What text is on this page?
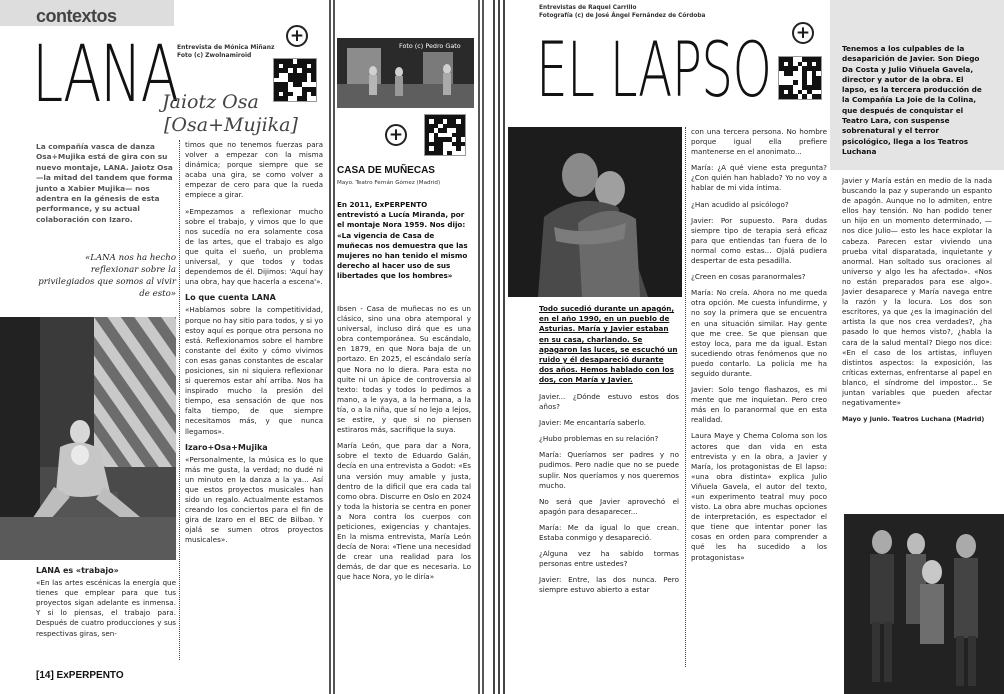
contextos
LANA Entrevista de Mónica Miñanz
Foto (c) Zwolnamiroid
+
Jaiotz Osa
[Osa+Mujika]
La compañía vasca de danza Osa+Mujika está de gira con su nuevo montaje, LANA. Jaiotz Osa —la mitad del tandem que forma junto a Xabier Mujika— nos adentra en la génesis de esta performance, y su actual colaboración con Izaro.
«LANA nos ha hecho reflexionar sobre la privilegiados que somos al vivir de esto»

LANA es «trabajo»

«En las artes escénicas la energía que tienes que emplear para que tus proyectos sigan adelante es inmensa. Y si lo piensas, el trabajo para. Después de cuatro producciones y sus respectivas giras, sen-

timos que no tenemos fuerzas para volver a empezar con la misma dinámica; porque siempre que se acaba una gira, se como volver a empezar de cero para que la rueda empiece a girar.

»Empezamos a reflexionar mucho sobre el trabajo, y vimos que lo que nos sucedía no era solamente cosa de las artes, que el trabajo es algo que quita el sueño, un problema universal, y que todos y todas dependemos de él. Dijimos: 'Aquí hay una obra, hay que hacerla a escena'».

Lo que cuenta LANA

«Hablamos sobre la competitividad, porque no hay sitio para todos, y si yo estoy aquí es porque otra persona no está. Reflexionamos sobre el hambre constante del éxito y cómo vivimos con esas ganas constantes de escalar posiciones, sin ni siquiera reflexionar si queremos estar ahí arriba. Nos ha inspirado mucho la presión del tiempo, esa sensación de que nos falta tiempo, de que siempre necesitamos más, y que nunca llegamos».

Izaro+Osa+Mujika

«Personalmente, la música es lo que más me gusta, la verdad; no dudé ni un minuto en la danza a la ya... Así que estos proyectos musicales han sido un regalo. Actualmente estamos creando los conciertos para el fin de gira de Izaro en el BEC de Bilbao. Y ojalá se sumen otros proyectos musicales».

[14] ExPERPENTO
Foto (c) Pedro Gato
+
CASA DE MUÑECAS
Mayo. Teatro Fernán Gómez (Madrid)
En 2011, ExPERPENTO entrevistó a Lucía Miranda, por el montaje Nora 1959. Nos dijo: «La vigencia de Casa de muñecas nos demuestra que las mujeres no han tenido el mismo derecho al hacer uso de sus libertades que los hombres»

Ibsen - Casa de muñecas no es un clásico, sino una obra atemporal y universal, incluso dirá que es una obra contemporánea. Su escándalo, en 1879, en que Nora baja de un portazo. En 2025, el escándalo sería que Nora no lo diera. Para esta no quite ni un ápice de controversia al texto: todas y todos lo pedimos a mano, a le yaya, a la hermana, a la tía, o a la niña, que sí no lejo a lejos, se estire, y que si no piensen estiraros más, sacrifique la suya.

María León, que para dar a Nora, sobre el texto de Eduardo Galán, decía en una entrevista a Godot: «Es una versión muy amable y justa, dentro de la dificil que era cada tal como obra. Discurre en Oslo en 2024 y toda la historia se centra en poner a Nora contra los cuerpos con peticiones, exigencias y chantajes. En la misma entrevista, María León decía de Nora: «Tiene una necesidad de crear una realidad para los demás, de dar que es necesaria. Lo que hace Nora, yo le diría»

Entrevistas de Raquel Carrillo
Fotografía (c) de José Ángel Fernández de Córdoba
EL LAPSO +
Tenemos a los culpables de la desaparición de Javier. Son Diego Da Costa y Julio Viñuela Gavela, director y autor de la obra. El lapso, es la tercera producción de la Compañía La Joie de la Colina, que después de conquistar el Teatro Lara, con suspense sobrenatural y el terror psicológico, llega a los Teatros Luchana
Todo sucedió durante un apagón, en el año 1990, en un pueblo de Asturias. María y Javier estaban en su casa, charlando. Se apagaron las luces, se escuchó un ruido y él desapareció durante dos años. Hemos hablado con los dos, con María y Javier.

Javier... ¿Dónde estuvo estos dos años?

Javier: Me encantaría saberlo.

¿Hubo problemas en su relación?

María: Queríamos ser padres y no pudimos. Pero nadie que no se puede suplir. Nos queríamos y nos queremos mucho.

No será que Javier aprovechó el apagón para desaparecer...

María: Me da igual lo que crean. Estaba conmigo y desapareció.

¿Alguna vez ha sabido tormas personas entre ustedes?

Javier: Entre, las dos nunca. Pero siempre estuvo abierto a estar

con una tercera persona. No hombre porque igual ella prefiere mantenerse en el anonimato...

María: ¿A qué viene esta pregunta? ¿Con quién han hablado? Yo no voy a hablar de mi vida íntima.

¿Han acudido al psicólogo?

Javier: Por supuesto. Para dudas siempre tipo de terapia será eficaz para que entiendas tan fuera de lo normal como estas... Ojalá pudiera despertar de esta pesadilla.

¿Creen en cosas paranormales?

María: No creía. Ahora no me queda otra opción. Me cuesta infundirme, y no soy la primera que se encuentra en una situación similar. Hay gente que me cree. Se que piensan que estoy loca, para me da igual. Estan sucediendo otras fenómenos que no puedo contarlo. La policía me ha seguido durante.

Javier: Solo tengo flashazos, es mi mente que me inquietan. Pero creo más en lo paranormal que en esta realidad.

Laura Maye y Chema Coloma son los actores que dan vida en esta entrevista y en la obra, a Javier y María, los protagonistas de El lapso: «una obra distinta» explica Julio Viñuela Gavela, el autor del texto, «un experimento teatral muy poco visto. La obra abre muchas opciones de interpretación, es espectador el que tiene que intentar poner las cosas en orden para comprender a qué les ha sucedido a los protagonistas»

Javier y María están en medio de la nada buscando la paz y superando un espanto de apagón. Aunque no lo admiten, entre ellos hay tensión. No han podido tener un hijo en un momento determinado, —nos dice Julio— esto les hace explotar la cabeza. Parecen estar viviendo una prueba vital disparatada, inquietante y anormal. Han soltado sus oraciones al universo y algo les ha afectado». «Nos no están preparados para ese algo». Javier desaparece y María navega entre la razón y la locura. Los dos son escritores, ya que ¿es la imaginación del artista la que nos crea verdades?, ¿ha pasado lo que hemos visto?, ¿habla la cara de la salud mental? Diego nos dice: «En el caso de los artistas, influyen distintos aspectos: la exposición, las críticas externas, enfrentarse al papel en blanco, el síndrome del impostor... Se juntan variables que pueden afectar negativamente»

Mayo y junio. Teatros Luchana (Madrid)
